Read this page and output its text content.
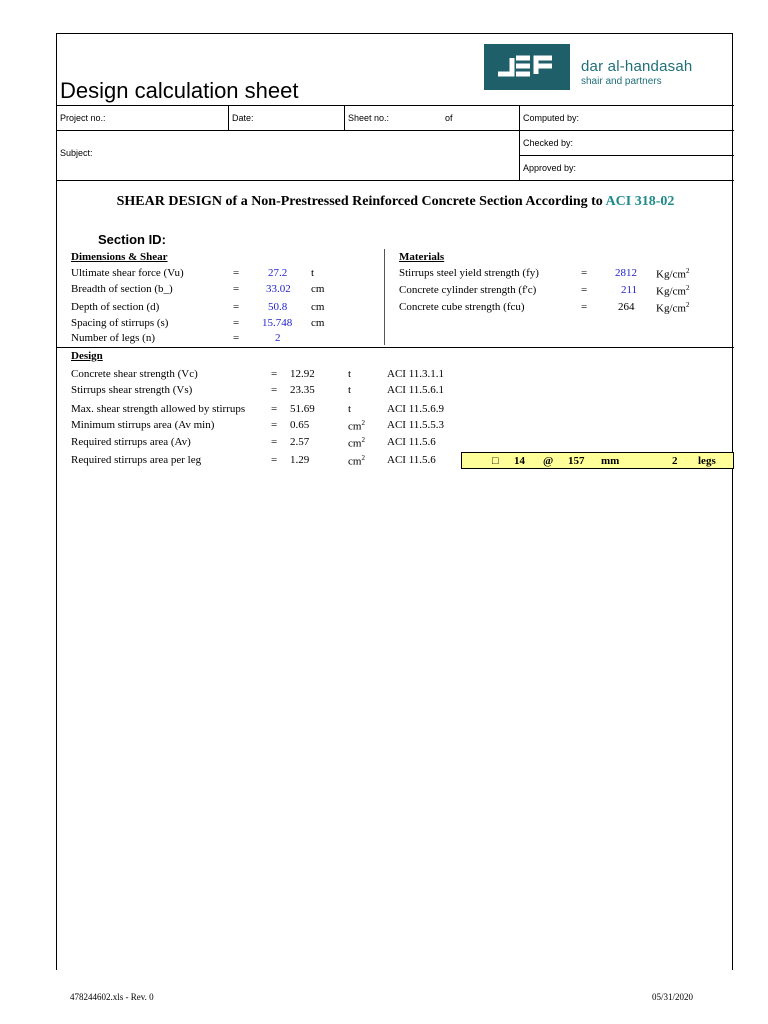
Design calculation sheet
dar al-handasah
shair and partners
Project no.:	Date:	Sheet no.:	of	Computed by:
Subject:
Checked by:
Approved by:
SHEAR DESIGN of a Non-Prestressed Reinforced Concrete Section According to ACI 318-02
Section ID:
Dimensions & Shear
Ultimate shear force (Vu)	=	27.2 t
Breadth of section (b_)	= 33.02 cm
Depth of section (d)	=	50.8 cm
Spacing of stirrups (s)	= 15.748 cm
Number of legs (n)	=	2
Materials
Stirrups steel yield strength (fy)	=	2812 $Kg/cm^2$
Concrete cylinder strength (f'c)	=	211 $Kg/cm^2$
Concrete cube strength (fcu)	=	264 $Kg/cm^2$
Design
Concrete shear strength (Vc)	= 12.92	t	ACI 11.3.1.1
Stirrups shear strength (Vs)	= 23.35	t	ACI 11.5.6.1
Max. shear strength allowed by stirrups = 51.69	t	ACI 11.5.6.9
Minimum stirrups area (Av min)	= 0.65	$cm^2$ ACI 11.5.5.3
Required stirrups area (Av)	= 2.57	$cm^2$ ACI 11.5.6
Required stirrups area per leg	= 1.29	$cm^2$ ACI 11.5.6	□ 14 @ 157 mm	2 legs
478244602.xls - Rev. 0	05/31/2020
